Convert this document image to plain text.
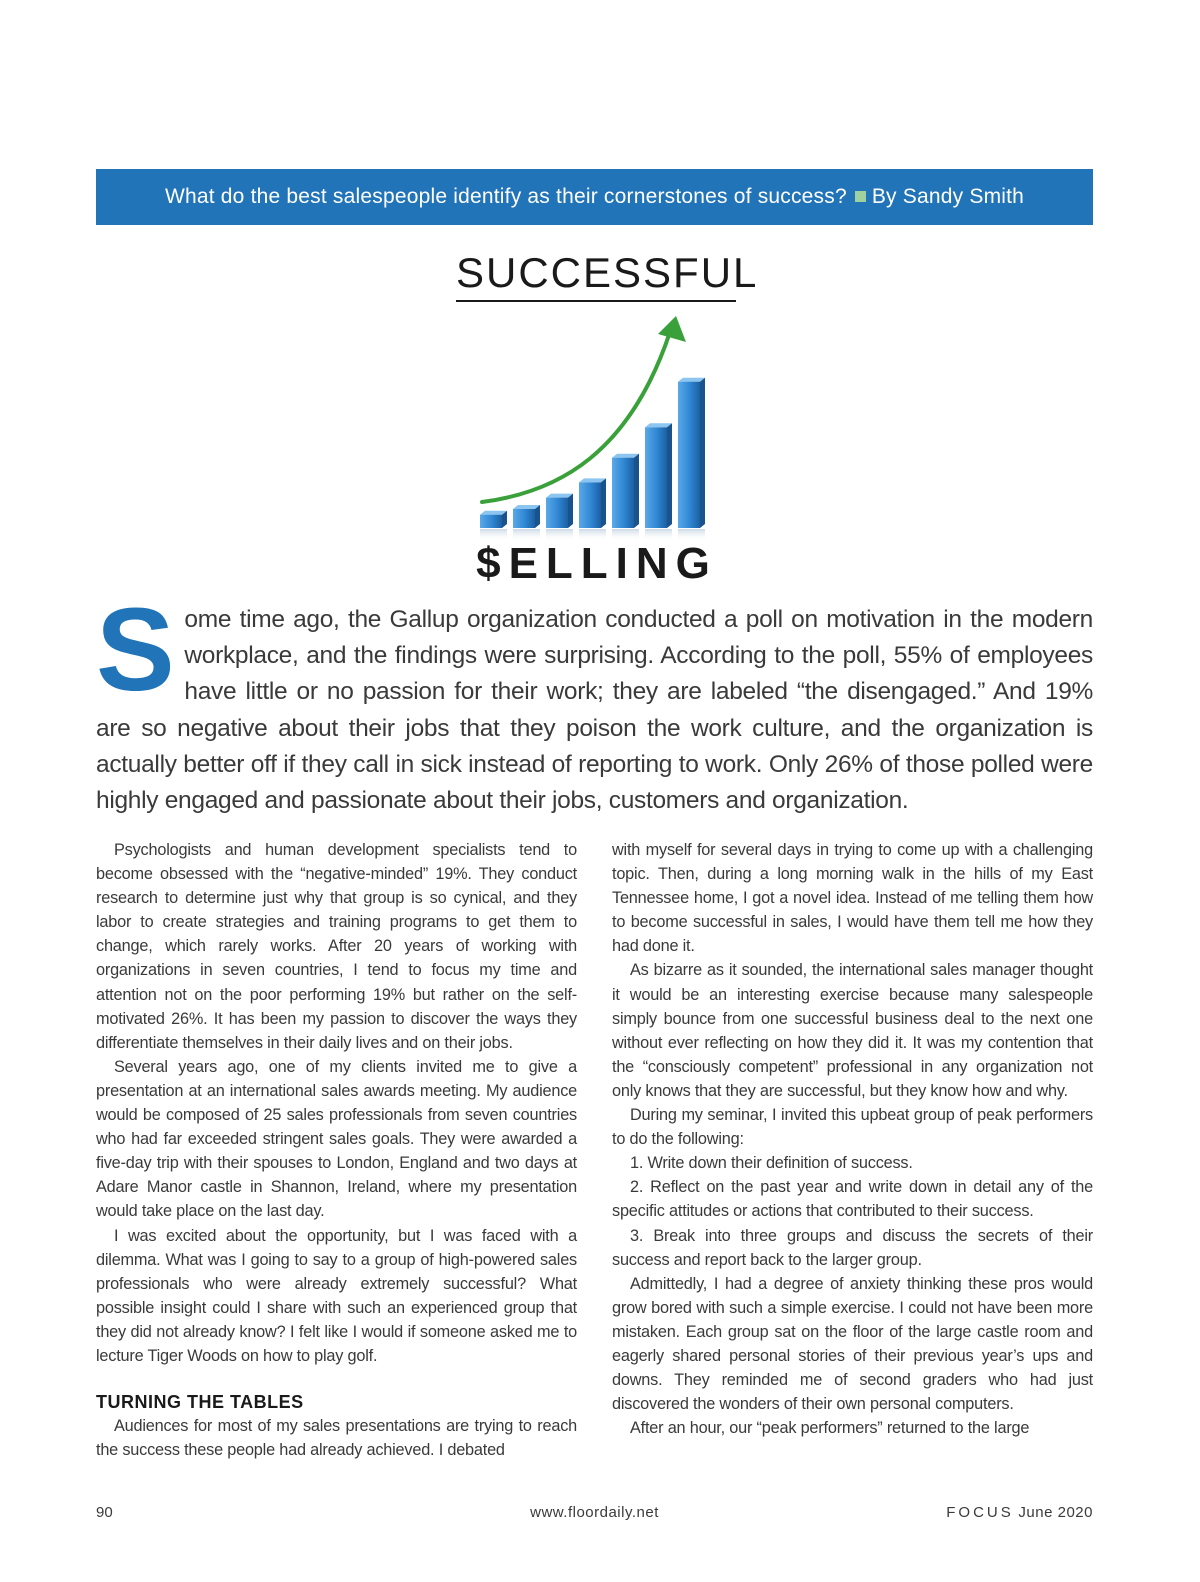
What do the best salespeople identify as their cornerstones of success? By Sandy Smith
SUCCESSFUL
$ELLING
Some time ago, the Gallup organization conducted a poll on motivation in the modern workplace, and the findings were surprising. According to the poll, 55% of employees have little or no passion for their work; they are labeled “the disengaged.” And 19% are so negative about their jobs that they poison the work culture, and the organization is actually better off if they call in sick instead of reporting to work. Only 26% of those polled were highly engaged and passionate about their jobs, customers and organization.

Psychologists and human development specialists tend to become obsessed with the “negative-minded” 19%. They conduct research to determine just why that group is so cynical, and they labor to create strategies and training programs to get them to change, which rarely works. After 20 years of working with organizations in seven countries, I tend to focus my time and attention not on the poor performing 19% but rather on the self-motivated 26%. It has been my passion to discover the ways they differentiate themselves in their daily lives and on their jobs.

Several years ago, one of my clients invited me to give a presentation at an international sales awards meeting. My audience would be composed of 25 sales professionals from seven countries who had far exceeded stringent sales goals. They were awarded a five-day trip with their spouses to London, England and two days at Adare Manor castle in Shannon, Ireland, where my presentation would take place on the last day.

I was excited about the opportunity, but I was faced with a dilemma. What was I going to say to a group of high-powered sales professionals who were already extremely successful? What possible insight could I share with such an experienced group that they did not already know? I felt like I would if someone asked me to lecture Tiger Woods on how to play golf.

TURNING THE TABLES

Audiences for most of my sales presentations are trying to reach the success these people had already achieved. I debated

with myself for several days in trying to come up with a challenging topic. Then, during a long morning walk in the hills of my East Tennessee home, I got a novel idea. Instead of me telling them how to become successful in sales, I would have them tell me how they had done it.

As bizarre as it sounded, the international sales manager thought it would be an interesting exercise because many salespeople simply bounce from one successful business deal to the next one without ever reflecting on how they did it. It was my contention that the “consciously competent” professional in any organization not only knows that they are successful, but they know how and why.

During my seminar, I invited this upbeat group of peak performers to do the following:

1. Write down their definition of success.

2. Reflect on the past year and write down in detail any of the specific attitudes or actions that contributed to their success.

3. Break into three groups and discuss the secrets of their success and report back to the larger group.

Admittedly, I had a degree of anxiety thinking these pros would grow bored with such a simple exercise. I could not have been more mistaken. Each group sat on the floor of the large castle room and eagerly shared personal stories of their previous year’s ups and downs. They reminded me of second graders who had just discovered the wonders of their own personal computers.

After an hour, our “peak performers” returned to the large

90	www.floordaily.net	FOCUS June 2020
